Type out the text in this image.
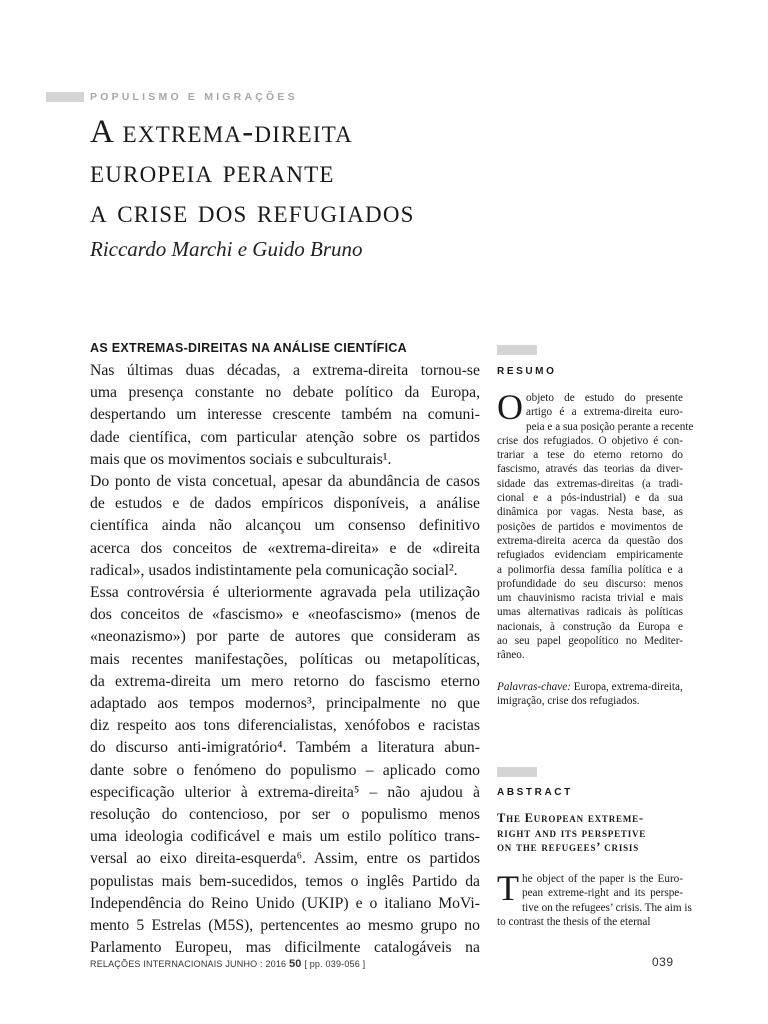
POPULISMO E MIGRAÇÕES
A extrema-direita
europeia perante
a crise dos refugiados
Riccardo Marchi e Guido Bruno
AS EXTREMAS-DIREITAS NA ANÁLISE CIENTÍFICA
Nas últimas duas décadas, a extrema-direita tornou-se
uma presença constante no debate político da Europa,
despertando um interesse crescente também na comuni-
dade científica, com particular atenção sobre os partidos
mais que os movimentos sociais e subculturais¹.
Do ponto de vista concetual, apesar da abundância de casos
de estudos e de dados empíricos disponíveis, a análise
científica ainda não alcançou um consenso definitivo
acerca dos conceitos de «extrema-direita» e de «direita
radical», usados indistintamente pela comunicação social².
Essa controvérsia é ulteriormente agravada pela utilização
dos conceitos de «fascismo» e «neofascismo» (menos de
«neonazismo») por parte de autores que consideram as
mais recentes manifestações, políticas ou metapolíticas,
da extrema-direita um mero retorno do fascismo eterno
adaptado aos tempos modernos³, principalmente no que
diz respeito aos tons diferencialistas, xenófobos e racistas
do discurso anti-imigratório⁴. Também a literatura abun-
dante sobre o fenómeno do populismo – aplicado como
especificação ulterior à extrema-direita⁵ – não ajudou à
resolução do contencioso, por ser o populismo menos
uma ideologia codificável e mais um estilo político trans-
versal ao eixo direita-esquerda⁶. Assim, entre os partidos
populistas mais bem-sucedidos, temos o inglês Partido da
Independência do Reino Unido (UKIP) e o italiano MoVi-
mento 5 Estrelas (M5S), pertencentes ao mesmo grupo no
Parlamento Europeu, mas dificilmente catalogáveis na
RESUMO
O objeto de estudo do presente
artigo é a extrema-direita euro-
peia e a sua posição perante a recente
crise dos refugiados. O objetivo é con-
trariar a tese do eterno retorno do
fascismo, através das teorias da diver-
sidade das extremas-direitas (a tradi-
cional e a pós-industrial) e da sua
dinâmica por vagas. Nesta base, as
posições de partidos e movimentos de
extrema-direita acerca da questão dos
refugiados evidenciam empiricamente
a polimorfia dessa família política e a
profundidade do seu discurso: menos
um chauvinismo racista trivial e mais
umas alternativas radicais às políticas
nacionais, à construção da Europa e
ao seu papel geopolítico no Mediter-
râneo.
Palavras-chave: Europa, extrema-direita, imigração, crise dos refugiados.
ABSTRACT
The European extreme-
right and its perspetive
on the refugees’ crisis
T he object of the paper is the Euro-
pean extreme-right and its perspe-
tive on the refugees’ crisis. The aim is
to contrast the thesis of the eternal
RELAÇÕES INTERNACIONAIS JUNHO : 2016 50 [ pp. 039-056 ]	039
